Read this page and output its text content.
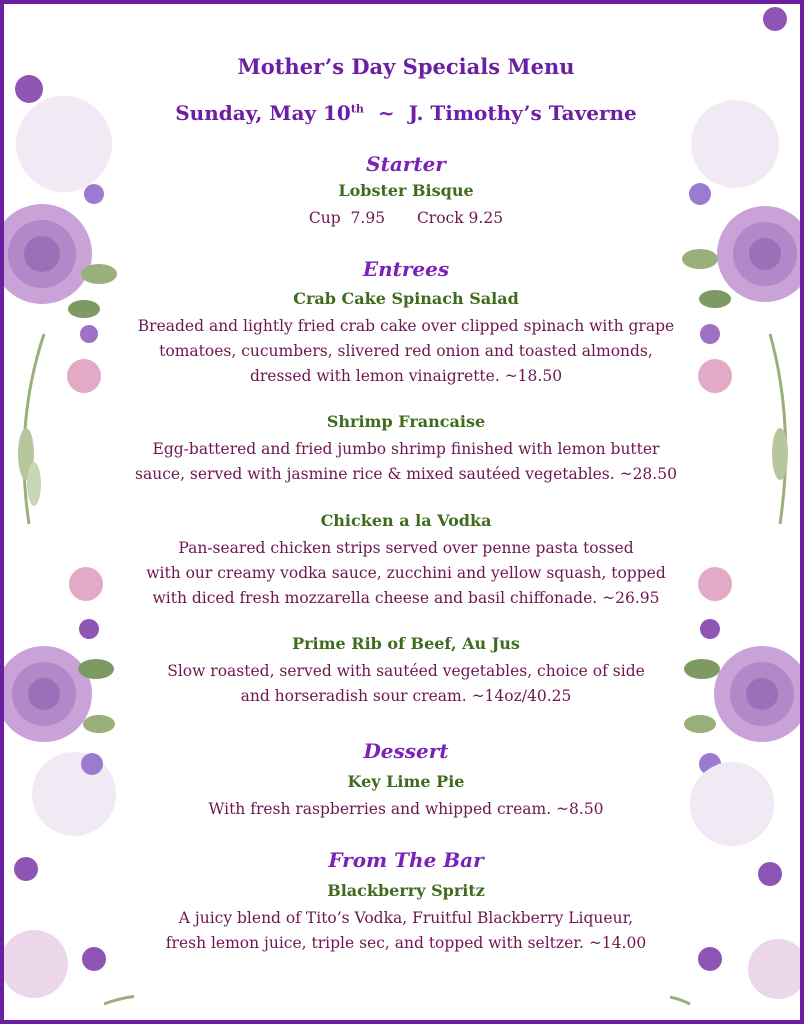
Mother’s Day Specials Menu
Sunday, May 10th ~ J. Timothy’s Taverne
Starter
Lobster Bisque
Cup  7.95 Crock 9.25
Entrees
Crab Cake Spinach Salad
Breaded and lightly fried crab cake over clipped spinach with grape
tomatoes, cucumbers, slivered red onion and toasted almonds,
dressed with lemon vinaigrette. ~18.50
Shrimp Francaise
Egg-battered and fried jumbo shrimp finished with lemon butter
sauce, served with jasmine rice & mixed sautéed vegetables. ~28.50
Chicken a la Vodka
Pan-seared chicken strips served over penne pasta tossed
with our creamy vodka sauce, zucchini and yellow squash, topped
with diced fresh mozzarella cheese and basil chiffonade. ~26.95
Prime Rib of Beef, Au Jus
Slow roasted, served with sautéed vegetables, choice of side
and horseradish sour cream. ~14oz/40.25
Dessert
Key Lime Pie
With fresh raspberries and whipped cream. ~8.50
From The Bar
Blackberry Spritz
A juicy blend of Tito’s Vodka, Fruitful Blackberry Liqueur,
fresh lemon juice, triple sec, and topped with seltzer. ~14.00
